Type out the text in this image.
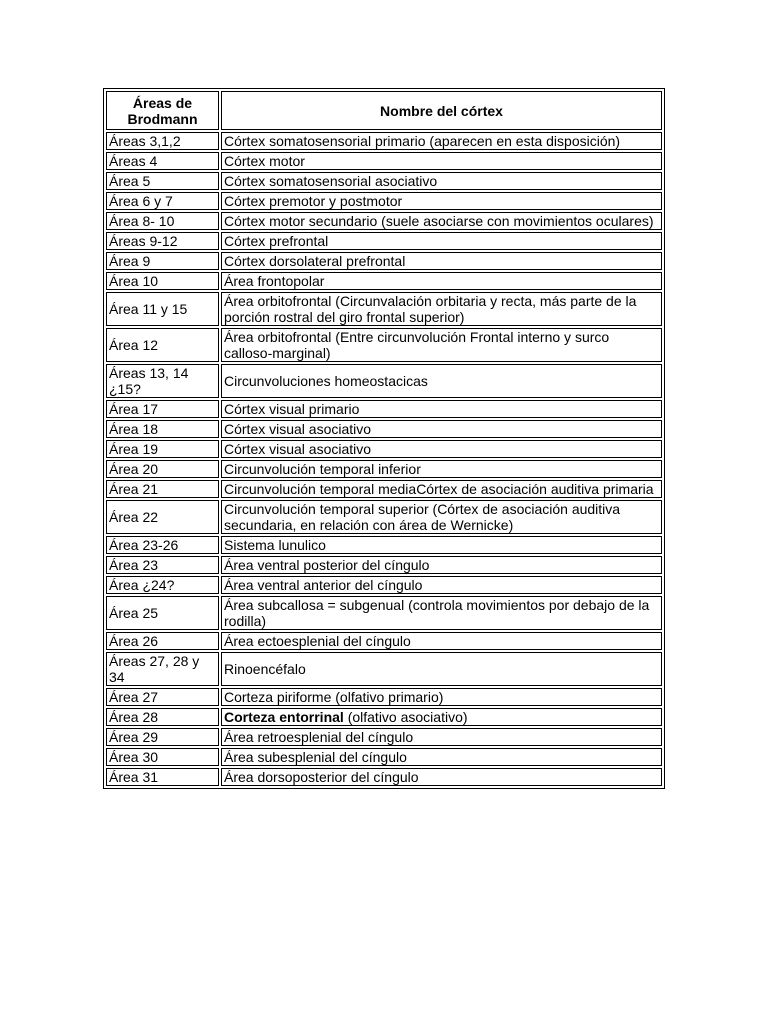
Áreas de Brodmann	Nombre del córtex
Áreas 3,1,2	Córtex somatosensorial primario (aparecen en esta disposición)
Áreas 4	Córtex motor
Área 5	Córtex somatosensorial asociativo
Área 6 y 7	Córtex premotor y postmotor
Área 8- 10	Córtex motor secundario (suele asociarse con movimientos oculares)
Áreas 9-12	Córtex prefrontal
Área 9	Córtex dorsolateral prefrontal
Área 10	Área frontopolar
Área 11 y 15	Área orbitofrontal (Circunvalación orbitaria y recta, más parte de la porción rostral del giro frontal superior)
Área 12	Área orbitofrontal (Entre circunvolución Frontal interno y surco calloso-marginal)
Áreas 13, 14 ¿15?	Circunvoluciones homeostacicas
Área 17	Córtex visual primario
Área 18	Córtex visual asociativo
Área 19	Córtex visual asociativo
Área 20	Circunvolución temporal inferior
Área 21	Circunvolución temporal mediaCórtex de asociación auditiva primaria
Área 22	Circunvolución temporal superior (Córtex de asociación auditiva secundaria, en relación con área de Wernicke)
Área 23-26	Sistema lunulico
Área 23	Área ventral posterior del cíngulo
Área ¿24?	Área ventral anterior del cíngulo
Área 25	Área subcallosa = subgenual (controla movimientos por debajo de la rodilla)
Área 26	Área ectoesplenial del cíngulo
Áreas 27, 28 y 34	Rinoencéfalo
Área 27	Corteza piriforme (olfativo primario)
Área 28	Corteza entorrinal (olfativo asociativo)
Área 29	Área retroesplenial del cíngulo
Área 30	Área subesplenial del cíngulo
Área 31	Área dorsoposterior del cíngulo
